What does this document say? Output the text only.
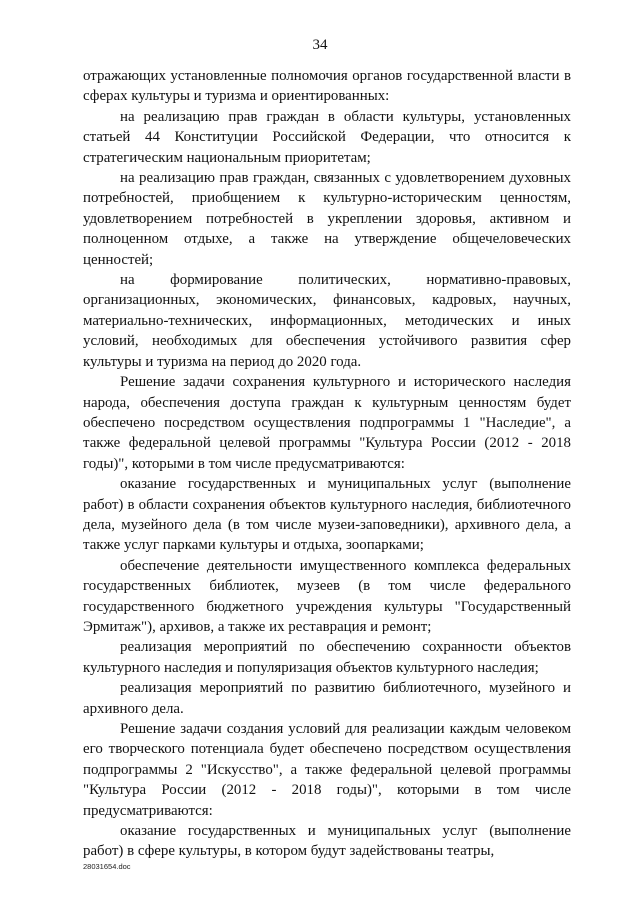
34

отражающих установленные полномочия органов государственной власти в сферах культуры и туризма и ориентированных:

на реализацию прав граждан в области культуры, установленных статьей 44 Конституции Российской Федерации, что относится к стратегическим национальным приоритетам;

на реализацию прав граждан, связанных с удовлетворением духовных потребностей, приобщением к культурно-историческим ценностям, удовлетворением потребностей в укреплении здоровья, активном и полноценном отдыхе, а также на утверждение общечеловеческих ценностей;

на формирование политических, нормативно-правовых, организационных, экономических, финансовых, кадровых, научных, материально-технических, информационных, методических и иных условий, необходимых для обеспечения устойчивого развития сфер культуры и туризма на период до 2020 года.

Решение задачи сохранения культурного и исторического наследия народа, обеспечения доступа граждан к культурным ценностям будет обеспечено посредством осуществления подпрограммы 1 "Наследие", а также федеральной целевой программы "Культура России (2012 - 2018 годы)", которыми в том числе предусматриваются:

оказание государственных и муниципальных услуг (выполнение работ) в области сохранения объектов культурного наследия, библиотечного дела, музейного дела (в том числе музеи-заповедники), архивного дела, а также услуг парками культуры и отдыха, зоопарками;

обеспечение деятельности имущественного комплекса федеральных государственных библиотек, музеев (в том числе федерального государственного бюджетного учреждения культуры "Государственный Эрмитаж"), архивов, а также их реставрация и ремонт;

реализация мероприятий по обеспечению сохранности объектов культурного наследия и популяризация объектов культурного наследия;

реализация мероприятий по развитию библиотечного, музейного и архивного дела.

Решение задачи создания условий для реализации каждым человеком его творческого потенциала будет обеспечено посредством осуществления подпрограммы 2 "Искусство", а также федеральной целевой программы "Культура России (2012 - 2018 годы)", которыми в том числе предусматриваются:

оказание государственных и муниципальных услуг (выполнение работ) в сфере культуры, в котором будут задействованы театры,

28031654.doc
